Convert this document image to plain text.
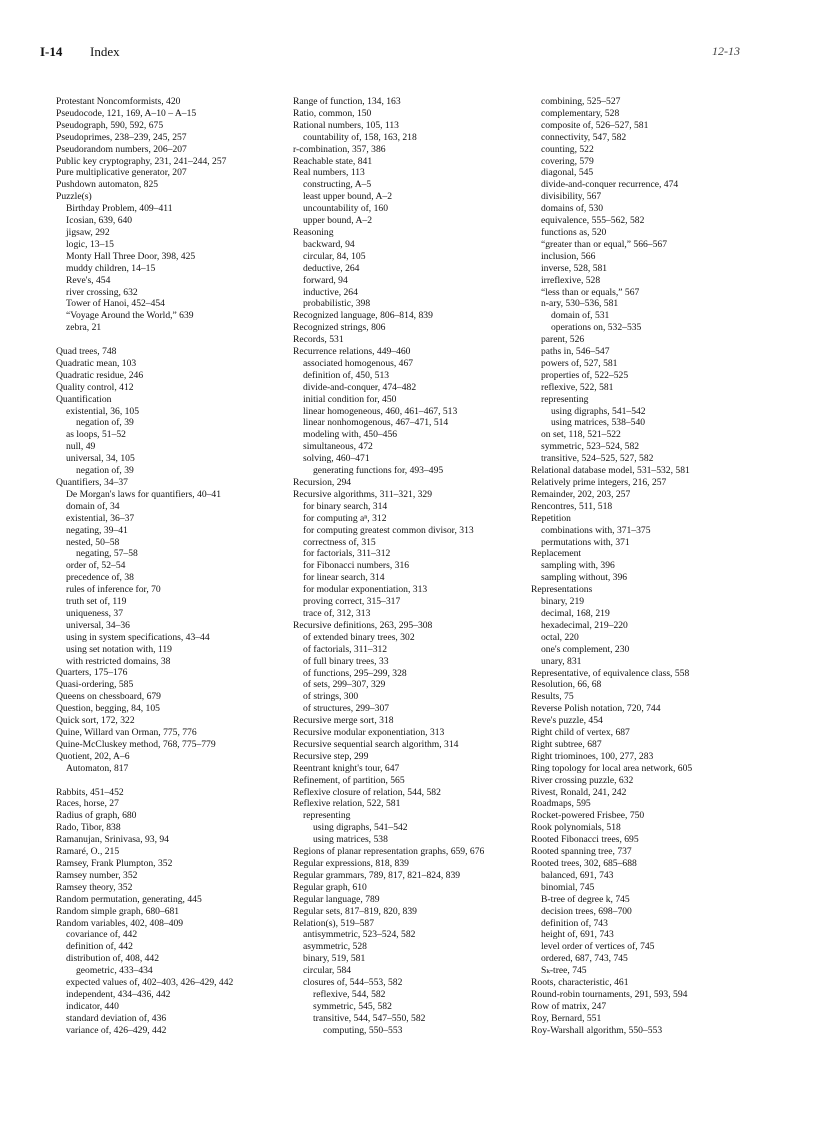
I-14 Index	12-13
Protestant Noncomformists, 420
Pseudocode, 121, 169, A–10 – A–15
Pseudograph, 590, 592, 675
Pseudoprimes, 238–239, 245, 257
Pseudorandom numbers, 206–207
Public key cryptography, 231, 241–244, 257
Pure multiplicative generator, 207
Pushdown automaton, 825
Puzzle(s)
Birthday Problem, 409–411
Icosian, 639, 640
jigsaw, 292
logic, 13–15
Monty Hall Three Door, 398, 425
muddy children, 14–15
Reve's, 454
river crossing, 632
Tower of Hanoi, 452–454
“Voyage Around the World,” 639
zebra, 21
Quad trees, 748
Quadratic mean, 103
Quadratic residue, 246
Quality control, 412
Quantification
existential, 36, 105
negation of, 39
as loops, 51–52
null, 49
universal, 34, 105
negation of, 39
Quantifiers, 34–37
De Morgan's laws for quantifiers, 40–41
domain of, 34
existential, 36–37
negating, 39–41
nested, 50–58
negating, 57–58
order of, 52–54
precedence of, 38
rules of inference for, 70
truth set of, 119
uniqueness, 37
universal, 34–36
using in system specifications, 43–44
using set notation with, 119
with restricted domains, 38
Quarters, 175–176
Quasi-ordering, 585
Queens on chessboard, 679
Question, begging, 84, 105
Quick sort, 172, 322
Quine, Willard van Orman, 775, 776
Quine-McCluskey method, 768, 775–779
Quotient, 202, A–6
Automaton, 817
Rabbits, 451–452
Races, horse, 27
Radius of graph, 680
Rado, Tibor, 838
Ramanujan, Srinivasa, 93, 94
Ramaré, O., 215
Ramsey, Frank Plumpton, 352
Ramsey number, 352
Ramsey theory, 352
Random permutation, generating, 445
Random simple graph, 680–681
Random variables, 402, 408–409
covariance of, 442
definition of, 442
distribution of, 408, 442
geometric, 433–434
expected values of, 402–403, 426–429, 442
independent, 434–436, 442
indicator, 440
standard deviation of, 436
variance of, 426–429, 442
Range of function, 134, 163
Ratio, common, 150
Rational numbers, 105, 113
countability of, 158, 163, 218
r-combination, 357, 386
Reachable state, 841
Real numbers, 113
constructing, A–5
least upper bound, A–2
uncountability of, 160
upper bound, A–2
Reasoning
backward, 94
circular, 84, 105
deductive, 264
forward, 94
inductive, 264
probabilistic, 398
Recognized language, 806–814, 839
Recognized strings, 806
Records, 531
Recurrence relations, 449–460
associated homogenous, 467
definition of, 450, 513
divide-and-conquer, 474–482
initial condition for, 450
linear homogeneous, 460, 461–467, 513
linear nonhomogenous, 467–471, 514
modeling with, 450–456
simultaneous, 472
solving, 460–471
generating functions for, 493–495
Recursion, 294
Recursive algorithms, 311–321, 329
for binary search, 314
for computing aⁿ, 312
for computing greatest common divisor, 313
correctness of, 315
for factorials, 311–312
for Fibonacci numbers, 316
for linear search, 314
for modular exponentiation, 313
proving correct, 315–317
trace of, 312, 313
Recursive definitions, 263, 295–308
of extended binary trees, 302
of factorials, 311–312
of full binary trees, 33
of functions, 295–299, 328
of sets, 299–307, 329
of strings, 300
of structures, 299–307
Recursive merge sort, 318
Recursive modular exponentiation, 313
Recursive sequential search algorithm, 314
Recursive step, 299
Reentrant knight's tour, 647
Refinement, of partition, 565
Reflexive closure of relation, 544, 582
Reflexive relation, 522, 581
representing
using digraphs, 541–542
using matrices, 538
Regions of planar representation graphs, 659, 676
Regular expressions, 818, 839
Regular grammars, 789, 817, 821–824, 839
Regular graph, 610
Regular language, 789
Regular sets, 817–819, 820, 839
Relation(s), 519–587
antisymmetric, 523–524, 582
asymmetric, 528
binary, 519, 581
circular, 584
closures of, 544–553, 582
reflexive, 544, 582
symmetric, 545, 582
transitive, 544, 547–550, 582
computing, 550–553
combining, 525–527
complementary, 528
composite of, 526–527, 581
connectivity, 547, 582
counting, 522
covering, 579
diagonal, 545
divide-and-conquer recurrence, 474
divisibility, 567
domains of, 530
equivalence, 555–562, 582
functions as, 520
“greater than or equal,” 566–567
inclusion, 566
inverse, 528, 581
irreflexive, 528
“less than or equals,” 567
n-ary, 530–536, 581
domain of, 531
operations on, 532–535
parent, 526
paths in, 546–547
powers of, 527, 581
properties of, 522–525
reflexive, 522, 581
representing
using digraphs, 541–542
using matrices, 538–540
on set, 118, 521–522
symmetric, 523–524, 582
transitive, 524–525, 527, 582
Relational database model, 531–532, 581
Relatively prime integers, 216, 257
Remainder, 202, 203, 257
Rencontres, 511, 518
Repetition
combinations with, 371–375
permutations with, 371
Replacement
sampling with, 396
sampling without, 396
Representations
binary, 219
decimal, 168, 219
hexadecimal, 219–220
octal, 220
one's complement, 230
unary, 831
Representative, of equivalence class, 558
Resolution, 66, 68
Results, 75
Reverse Polish notation, 720, 744
Reve's puzzle, 454
Right child of vertex, 687
Right subtree, 687
Right triominoes, 100, 277, 283
Ring topology for local area network, 605
River crossing puzzle, 632
Rivest, Ronald, 241, 242
Roadmaps, 595
Rocket-powered Frisbee, 750
Rook polynomials, 518
Rooted Fibonacci trees, 695
Rooted spanning tree, 737
Rooted trees, 302, 685–688
balanced, 691, 743
binomial, 745
B-tree of degree k, 745
decision trees, 698–700
definition of, 743
height of, 691, 743
level order of vertices of, 745
ordered, 687, 743, 745
Sₖ-tree, 745
Roots, characteristic, 461
Round-robin tournaments, 291, 593, 594
Row of matrix, 247
Roy, Bernard, 551
Roy-Warshall algorithm, 550–553
